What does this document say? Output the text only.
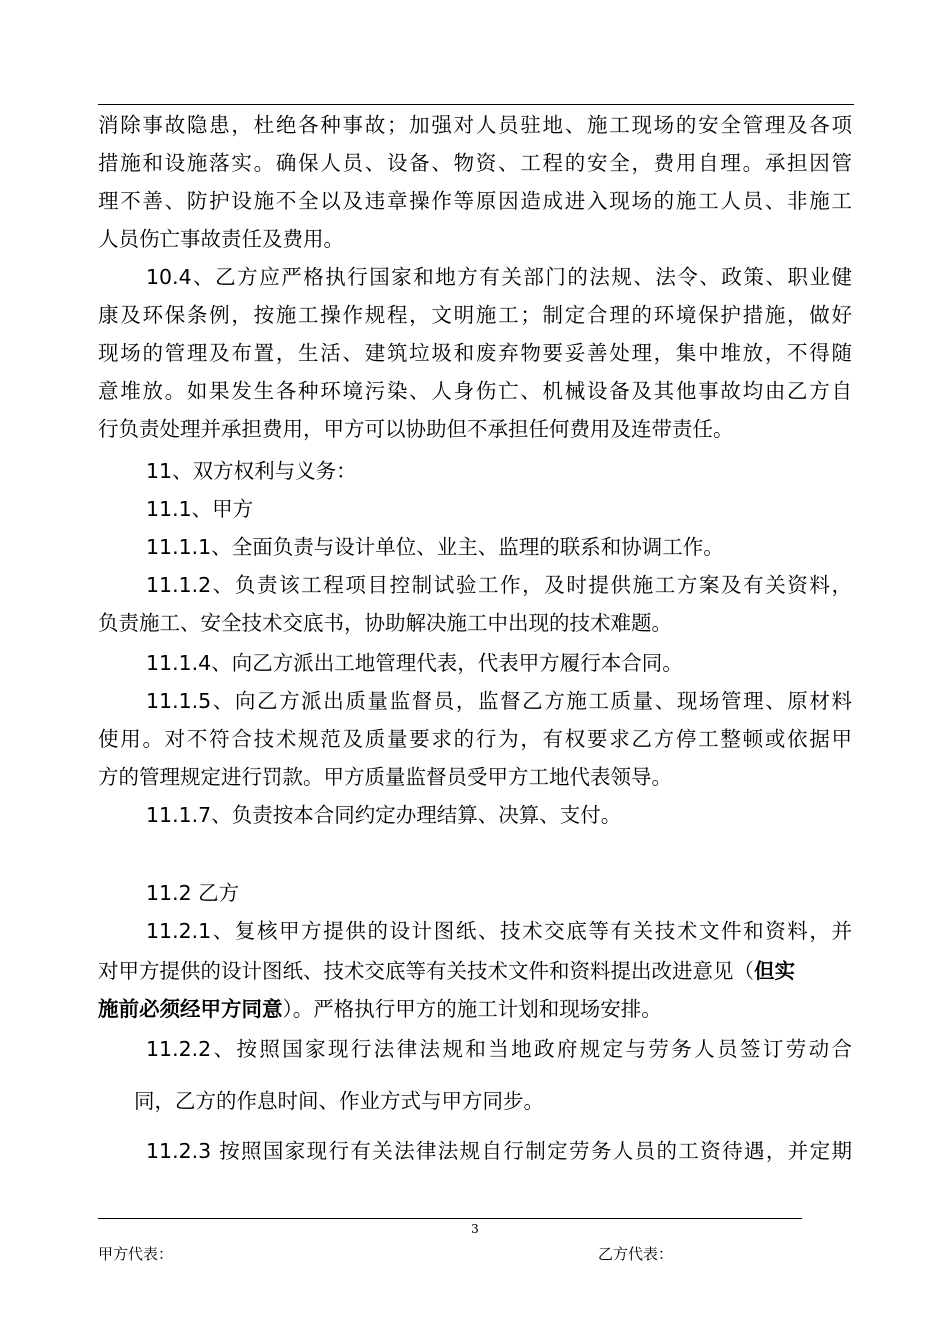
消除事故隐患，杜绝各种事故；加强对人员驻地、施工现场的安全管理及各项
措施和设施落实。确保人员、设备、物资、工程的安全，费用自理。承担因管
理不善、防护设施不全以及违章操作等原因造成进入现场的施工人员、非施工
人员伤亡事故责任及费用。
10.4、乙方应严格执行国家和地方有关部门的法规、法令、政策、职业健
康及环保条例，按施工操作规程，文明施工；制定合理的环境保护措施，做好
现场的管理及布置，生活、建筑垃圾和废弃物要妥善处理，集中堆放，不得随
意堆放。如果发生各种环境污染、人身伤亡、机械设备及其他事故均由乙方自
行负责处理并承担费用，甲方可以协助但不承担任何费用及连带责任。
11、双方权利与义务：
11.1、甲方
11.1.1、全面负责与设计单位、业主、监理的联系和协调工作。
11.1.2、负责该工程项目控制试验工作，及时提供施工方案及有关资料，
负责施工、安全技术交底书，协助解决施工中出现的技术难题。
11.1.4、向乙方派出工地管理代表，代表甲方履行本合同。
11.1.5、向乙方派出质量监督员，监督乙方施工质量、现场管理、原材料
使用。对不符合技术规范及质量要求的行为，有权要求乙方停工整顿或依据甲
方的管理规定进行罚款。甲方质量监督员受甲方工地代表领导。
11.1.7、负责按本合同约定办理结算、决算、支付。
11.2 乙方
11.2.1、复核甲方提供的设计图纸、技术交底等有关技术文件和资料，并
对甲方提供的设计图纸、技术交底等有关技术文件和资料提出改进意见（但实
施前必须经甲方同意）。严格执行甲方的施工计划和现场安排。
11.2.2、按照国家现行法律法规和当地政府规定与劳务人员签订劳动合
同，乙方的作息时间、作业方式与甲方同步。
11.2.3 按照国家现行有关法律法规自行制定劳务人员的工资待遇，并定期
3
甲方代表：	乙方代表：
